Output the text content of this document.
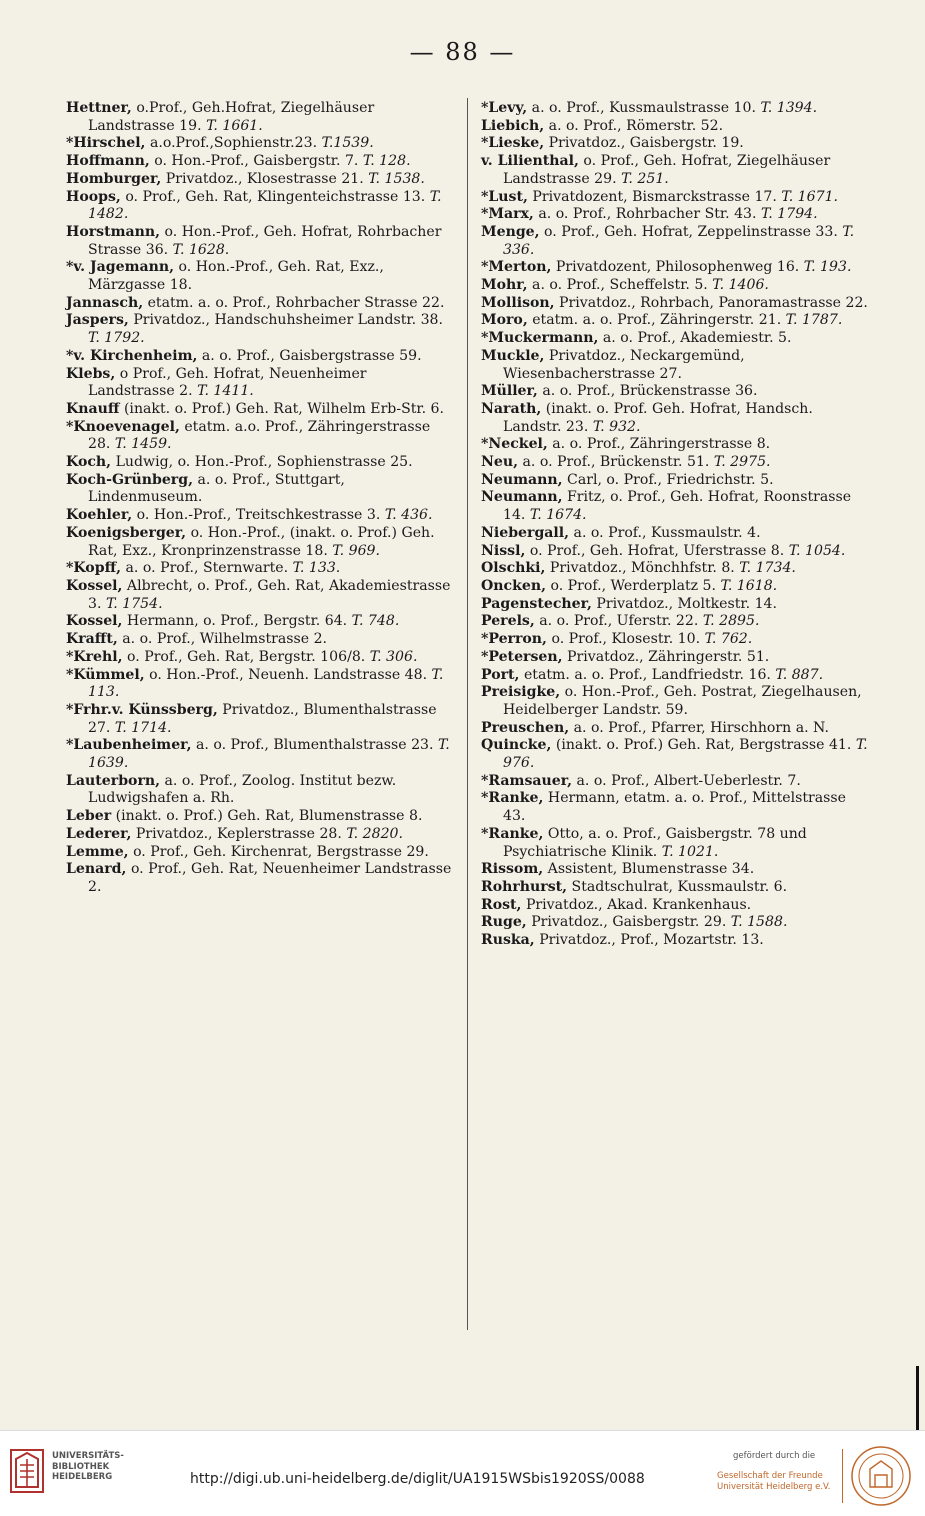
— 88 —

Hettner, o.Prof., Geh.Hofrat, Ziegelhäuser Landstrasse 19. T. 1661.

*Hirschel, a.o.Prof.,Sophienstr.23. T.1539.

Hoffmann, o. Hon.-Prof., Gaisbergstr. 7. T. 128.

Homburger, Privatdoz., Klosestrasse 21. T. 1538.

Hoops, o. Prof., Geh. Rat, Klingenteichstrasse 13. T. 1482.

Horstmann, o. Hon.-Prof., Geh. Hofrat, Rohrbacher Strasse 36. T. 1628.

*v. Jagemann, o. Hon.-Prof., Geh. Rat, Exz., Märzgasse 18.

Jannasch, etatm. a. o. Prof., Rohrbacher Strasse 22.

Jaspers, Privatdoz., Handschuhsheimer Landstr. 38. T. 1792.

*v. Kirchenheim, a. o. Prof., Gaisbergstrasse 59.

Klebs, o Prof., Geh. Hofrat, Neuenheimer Landstrasse 2. T. 1411.

Knauff (inakt. o. Prof.) Geh. Rat, Wilhelm Erb-Str. 6.

*Knoevenagel, etatm. a.o. Prof., Zähringerstrasse 28. T. 1459.

Koch, Ludwig, o. Hon.-Prof., Sophienstrasse 25.

Koch-Grünberg, a. o. Prof., Stuttgart, Lindenmuseum.

Koehler, o. Hon.-Prof., Treitschkestrasse 3. T. 436.

Koenigsberger, o. Hon.-Prof., (inakt. o. Prof.) Geh. Rat, Exz., Kronprinzenstrasse 18. T. 969.

*Kopff, a. o. Prof., Sternwarte. T. 133.

Kossel, Albrecht, o. Prof., Geh. Rat, Akademiestrasse 3. T. 1754.

Kossel, Hermann, o. Prof., Bergstr. 64. T. 748.

Krafft, a. o. Prof., Wilhelmstrasse 2.

*Krehl, o. Prof., Geh. Rat, Bergstr. 106/8. T. 306.

*Kümmel, o. Hon.-Prof., Neuenh. Landstrasse 48. T. 113.

*Frhr.v. Künssberg, Privatdoz., Blumenthalstrasse 27. T. 1714.

*Laubenheimer, a. o. Prof., Blumenthalstrasse 23. T. 1639.

Lauterborn, a. o. Prof., Zoolog. Institut bezw. Ludwigshafen a. Rh.

Leber (inakt. o. Prof.) Geh. Rat, Blumenstrasse 8.

Lederer, Privatdoz., Keplerstrasse 28. T. 2820.

Lemme, o. Prof., Geh. Kirchenrat, Bergstrasse 29.

Lenard, o. Prof., Geh. Rat, Neuenheimer Landstrasse 2.

*Levy, a. o. Prof., Kussmaulstrasse 10. T. 1394.

Liebich, a. o. Prof., Römerstr. 52.

*Lieske, Privatdoz., Gaisbergstr. 19.

v. Lilienthal, o. Prof., Geh. Hofrat, Ziegelhäuser Landstrasse 29. T. 251.

*Lust, Privatdozent, Bismarckstrasse 17. T. 1671.

*Marx, a. o. Prof., Rohrbacher Str. 43. T. 1794.

Menge, o. Prof., Geh. Hofrat, Zeppelinstrasse 33. T. 336.

*Merton, Privatdozent, Philosophenweg 16. T. 193.

Mohr, a. o. Prof., Scheffelstr. 5. T. 1406.

Mollison, Privatdoz., Rohrbach, Panoramastrasse 22.

Moro, etatm. a. o. Prof., Zähringerstr. 21. T. 1787.

*Muckermann, a. o. Prof., Akademiestr. 5.

Muckle, Privatdoz., Neckargemünd, Wiesenbacherstrasse 27.

Müller, a. o. Prof., Brückenstrasse 36.

Narath, (inakt. o. Prof. Geh. Hofrat, Handsch. Landstr. 23. T. 932.

*Neckel, a. o. Prof., Zähringerstrasse 8.

Neu, a. o. Prof., Brückenstr. 51. T. 2975.

Neumann, Carl, o. Prof., Friedrichstr. 5.

Neumann, Fritz, o. Prof., Geh. Hofrat, Roonstrasse 14. T. 1674.

Niebergall, a. o. Prof., Kussmaulstr. 4.

Nissl, o. Prof., Geh. Hofrat, Uferstrasse 8. T. 1054.

Olschki, Privatdoz., Mönchhfstr. 8. T. 1734.

Oncken, o. Prof., Werderplatz 5. T. 1618.

Pagenstecher, Privatdoz., Moltkestr. 14.

Perels, a. o. Prof., Uferstr. 22. T. 2895.

*Perron, o. Prof., Klosestr. 10. T. 762.

*Petersen, Privatdoz., Zähringerstr. 51.

Port, etatm. a. o. Prof., Landfriedstr. 16. T. 887.

Preisigke, o. Hon.-Prof., Geh. Postrat, Ziegelhausen, Heidelberger Landstr. 59.

Preuschen, a. o. Prof., Pfarrer, Hirschhorn a. N.

Quincke, (inakt. o. Prof.) Geh. Rat, Bergstrasse 41. T. 976.

*Ramsauer, a. o. Prof., Albert-Ueberlestr. 7.

*Ranke, Hermann, etatm. a. o. Prof., Mittelstrasse 43.

*Ranke, Otto, a. o. Prof., Gaisbergstr. 78 und Psychiatrische Klinik. T. 1021.

Rissom, Assistent, Blumenstrasse 34.

Rohrhurst, Stadtschulrat, Kussmaulstr. 6.

Rost, Privatdoz., Akad. Krankenhaus.

Ruge, Privatdoz., Gaisbergstr. 29. T. 1588.

Ruska, Privatdoz., Prof., Mozartstr. 13.

UNIVERSITÄTS-
BIBLIOTHEK
HEIDELBERG	http://digi.ub.uni-heidelberg.de/diglit/UA1915WSbis1920SS/0088
gefördert durch die
Gesellschaft der Freunde
Universität Heidelberg e.V.
